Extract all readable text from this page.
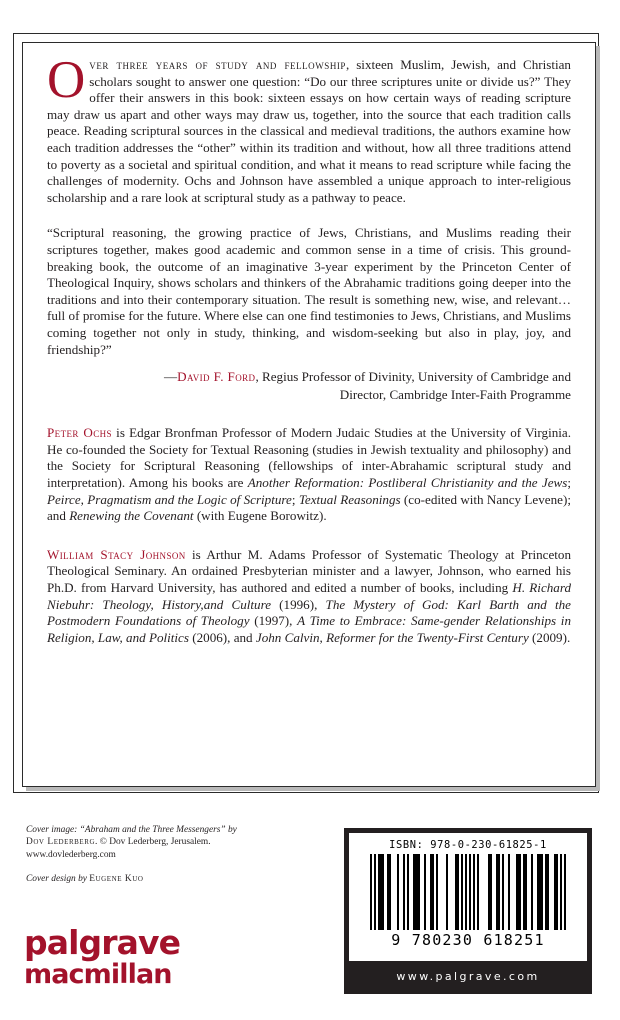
Over three years of study and fellowship, sixteen Muslim, Jewish, and Christian scholars sought to answer one question: “Do our three scriptures unite or divide us?” They offer their answers in this book: sixteen essays on how certain ways of reading scripture may draw us apart and other ways may draw us, together, into the source that each tradition calls peace. Reading scriptural sources in the classical and medieval traditions, the authors examine how each tradition addresses the “other” within its tradition and without, how all three traditions attend to poverty as a societal and spiritual condition, and what it means to read scripture while facing the challenges of modernity. Ochs and Johnson have assembled a unique approach to inter-religious scholarship and a rare look at scriptural study as a pathway to peace.

“Scriptural reasoning, the growing practice of Jews, Christians, and Muslims reading their scriptures together, makes good academic and common sense in a time of crisis. This ground-breaking book, the outcome of an imaginative 3-year experiment by the Princeton Center of Theological Inquiry, shows scholars and thinkers of the Abrahamic traditions going deeper into the traditions and into their contemporary situation. The result is something new, wise, and relevant… full of promise for the future. Where else can one find testimonies to Jews, Christians, and Muslims coming together not only in study, thinking, and wisdom-seeking but also in play, joy, and friendship?”

—David F. Ford, Regius Professor of Divinity, University of Cambridge and

Director, Cambridge Inter-Faith Programme

Peter Ochs is Edgar Bronfman Professor of Modern Judaic Studies at the University of Virginia. He co-founded the Society for Textual Reasoning (studies in Jewish textuality and philosophy) and the Society for Scriptural Reasoning (fellowships of inter-Abrahamic scriptural study and interpretation). Among his books are Another Reformation: Postliberal Christianity and the Jews; Peirce, Pragmatism and the Logic of Scripture; Textual Reasonings (co-edited with Nancy Levene); and Renewing the Covenant (with Eugene Borowitz).

William Stacy Johnson is Arthur M. Adams Professor of Systematic Theology at Princeton Theological Seminary. An ordained Presbyterian minister and a lawyer, Johnson, who earned his Ph.D. from Harvard University, has authored and edited a number of books, including H. Richard Niebuhr: Theology, History,and Culture (1996), The Mystery of God: Karl Barth and the Postmodern Foundations of Theology (1997), A Time to Embrace: Same-gender Relationships in Religion, Law, and Politics (2006), and John Calvin, Reformer for the Twenty-First Century (2009).

Cover image: “Abraham and the Three Messengers” by
Dov Lederberg. © Dov Lederberg, Jerusalem.
www.dovlederberg.com
Cover design by Eugene Kuo
palgrave
macmillan
ISBN: 978-0-230-61825-1
9 780230 618251
www.palgrave.com
